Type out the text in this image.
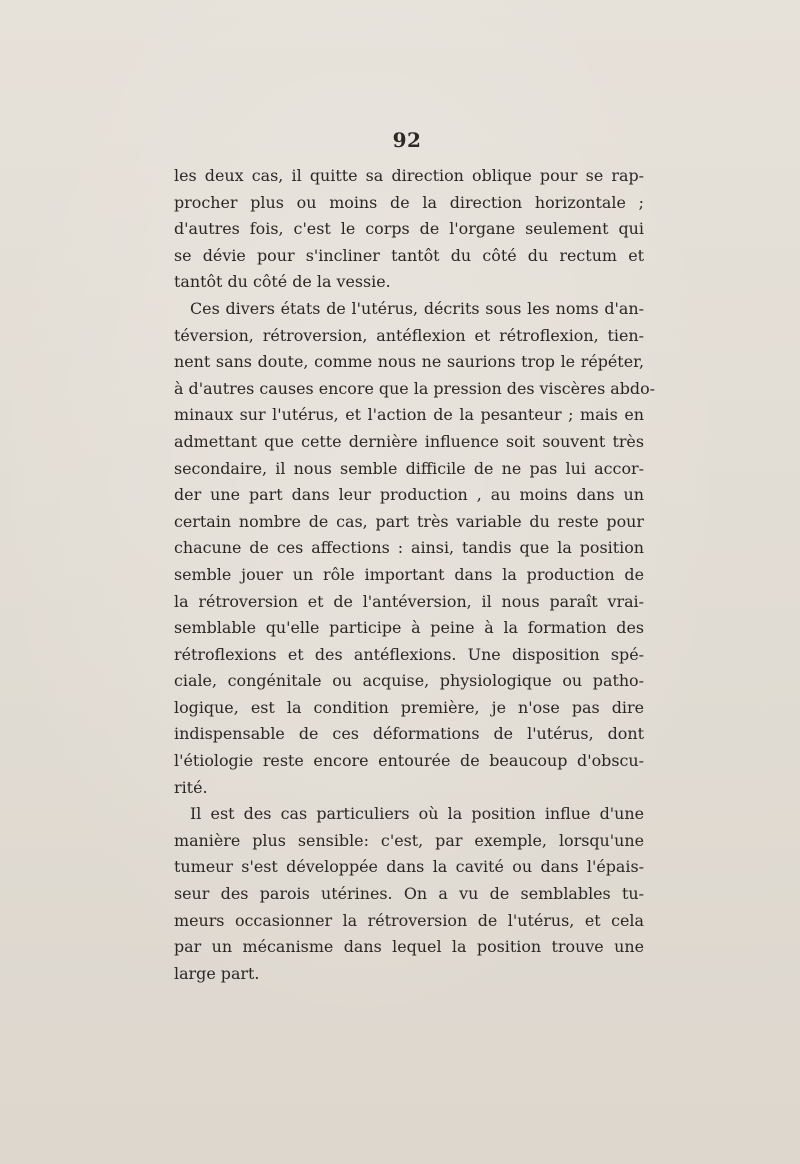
92
les deux cas, il quitte sa direction oblique pour se rap-
procher plus ou moins de la direction horizontale ;
d'autres fois, c'est le corps de l'organe seulement qui
se dévie pour s'incliner tantôt du côté du rectum et
tantôt du côté de la vessie.
Ces divers états de l'utérus, décrits sous les noms d'an-
téversion, rétroversion, antéflexion et rétroflexion, tien-
nent sans doute, comme nous ne saurions trop le répéter,
à d'autres causes encore que la pression des viscères abdo-
minaux sur l'utérus, et l'action de la pesanteur ; mais en
admettant que cette dernière influence soit souvent très
secondaire, il nous semble difficile de ne pas lui accor-
der une part dans leur production , au moins dans un
certain nombre de cas, part très variable du reste pour
chacune de ces affections : ainsi, tandis que la position
semble jouer un rôle important dans la production de
la rétroversion et de l'antéversion, il nous paraît vrai-
semblable qu'elle participe à peine à la formation des
rétroflexions et des antéflexions. Une disposition spé-
ciale, congénitale ou acquise, physiologique ou patho-
logique, est la condition première, je n'ose pas dire
indispensable de ces déformations de l'utérus, dont
l'étiologie reste encore entourée de beaucoup d'obscu-
rité.
Il est des cas particuliers où la position influe d'une
manière plus sensible: c'est, par exemple, lorsqu'une
tumeur s'est développée dans la cavité ou dans l'épais-
seur des parois utérines. On a vu de semblables tu-
meurs occasionner la rétroversion de l'utérus, et cela
par un mécanisme dans lequel la position trouve une
large part.
